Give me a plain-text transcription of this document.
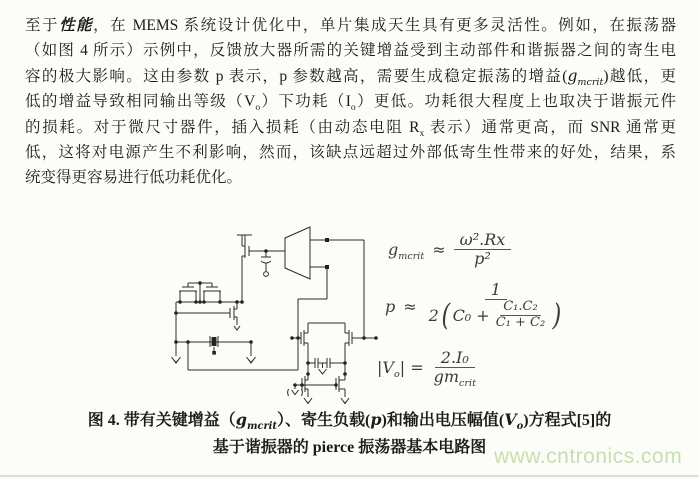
至于性能，在 MEMS 系统设计优化中，单片集成天生具有更多灵活性。例如，在振荡器
（如图 4 所示）示例中，反馈放大器所需的关键增益受到主动部件和谐振器之间的寄生电
容的极大影响。这由参数 p 表示，p 参数越高，需要生成稳定振荡的增益$(g_{mcrit})$越低，更
低的增益导致相同输出等级$(V_o)$下功耗$(I_o)$更低。功耗很大程度上也取决于谐振元件
的损耗。对于微尺寸器件，插入损耗（由动态电阻 $R_x$ 表示）通常更高，而 SNR 通常更
低，这将对电源产生不利影响，然而，该缺点远超过外部低寄生性带来的好处，结果，系
统变得更容易进行低功耗优化。
$g_{mcrit} \approx \frac{\text{ω².Rx}}{\text{p²}}$
p ≈
1
2 ( $C_0 + \frac{\text{C₁.C₂}}{\text{C₁ + C₂}}$ )
$|V_o|$ =
2.I₀
$gm_{crit}$
图 4. 带有关键增益$(g_{mcrit})$、寄生负载(p)和输出电压幅值$(V_o)$方程式[5]的
基于谐振器的 pierce 振荡器基本电路图 www.cntronics.com
